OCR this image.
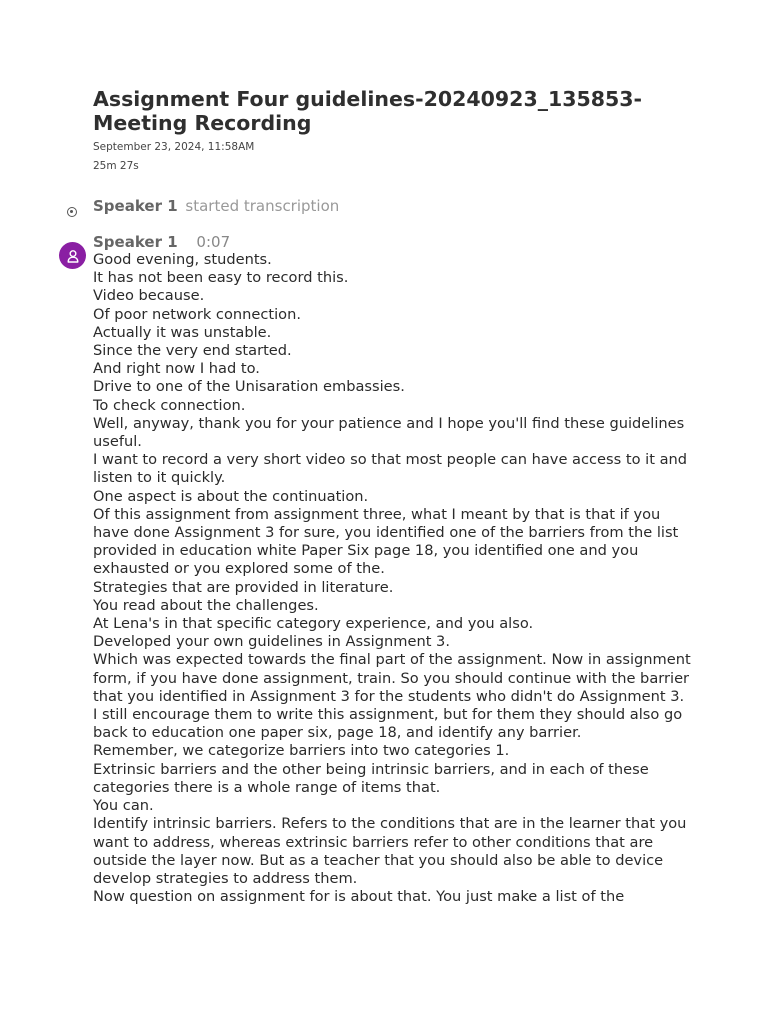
Assignment Four guidelines-20240923_135853-Meeting Recording
September 23, 2024, 11:58AM
25m 27s
Speaker 1 started transcription
Speaker 1 0:07
Good evening, students.
It has not been easy to record this.
Video because.
Of poor network connection.
Actually it was unstable.
Since the very end started.
And right now I had to.
Drive to one of the Unisaration embassies.
To check connection.
Well, anyway, thank you for your patience and I hope you'll find these guidelines useful.
I want to record a very short video so that most people can have access to it and listen to it quickly.
One aspect is about the continuation.
Of this assignment from assignment three, what I meant by that is that if you have done Assignment 3 for sure, you identified one of the barriers from the list provided in education white Paper Six page 18, you identified one and you exhausted or you explored some of the.
Strategies that are provided in literature.
You read about the challenges.
At Lena's in that specific category experience, and you also.
Developed your own guidelines in Assignment 3.
Which was expected towards the final part of the assignment. Now in assignment form, if you have done assignment, train. So you should continue with the barrier that you identified in Assignment 3 for the students who didn't do Assignment 3.
I still encourage them to write this assignment, but for them they should also go back to education one paper six, page 18, and identify any barrier.
Remember, we categorize barriers into two categories 1.
Extrinsic barriers and the other being intrinsic barriers, and in each of these categories there is a whole range of items that.
You can.
Identify intrinsic barriers. Refers to the conditions that are in the learner that you want to address, whereas extrinsic barriers refer to other conditions that are outside the layer now. But as a teacher that you should also be able to device develop strategies to address them.
Now question on assignment for is about that. You just make a list of the
